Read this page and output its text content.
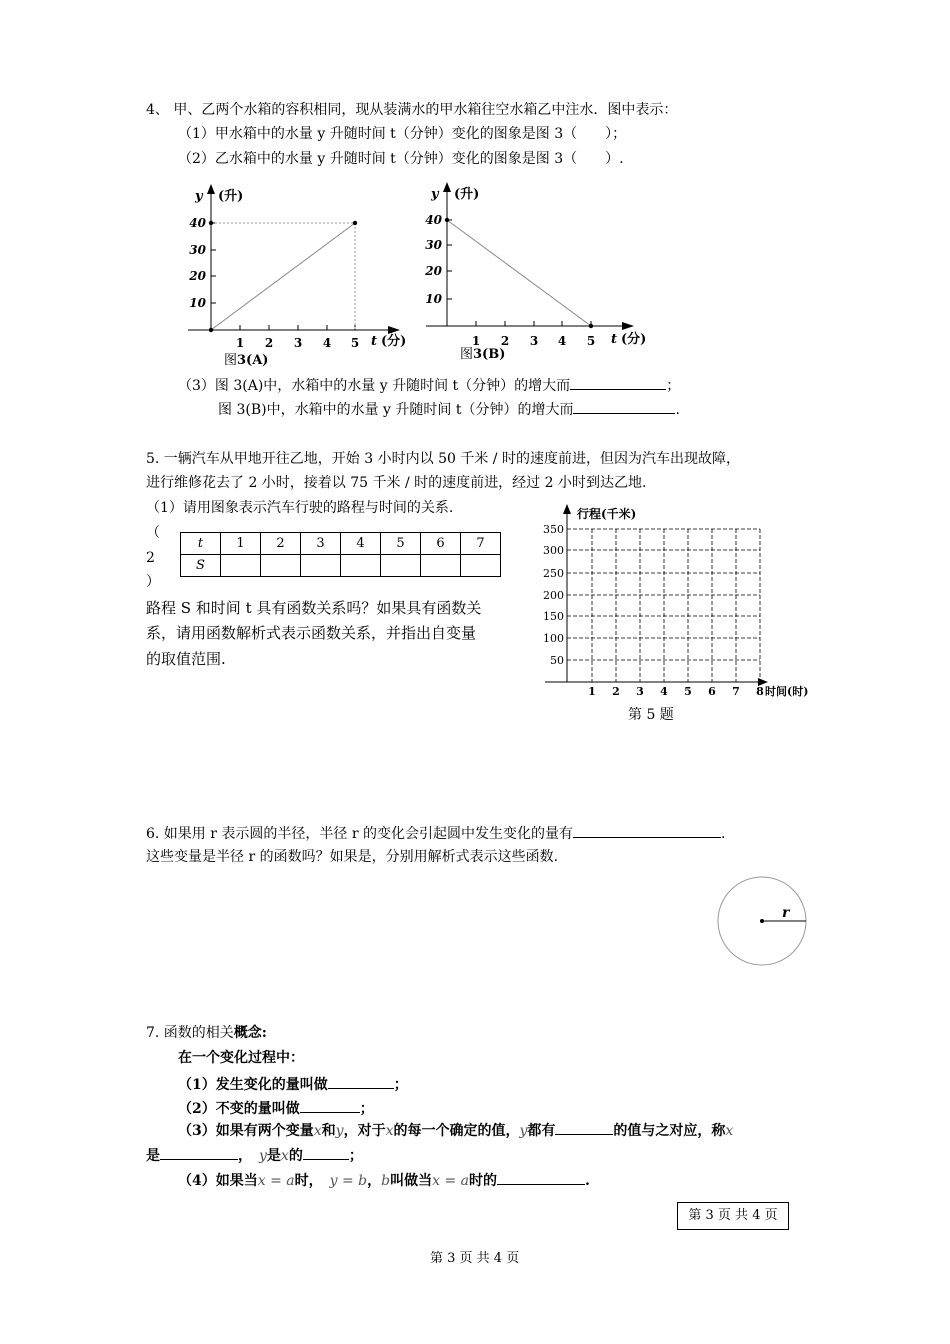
4、 甲、乙两个水箱的容积相同，现从装满水的甲水箱往空水箱乙中注水．图中表示：
（1）甲水箱中的水量 y 升随时间 t（分钟）变化的图象是图 3（　　）；
（2）乙水箱中的水量 y 升随时间 t（分钟）变化的图象是图 3（　　）.
40
30
20
10
1 2 3 4 5
y (升)
t (分)
图3(A)
40
30
20
10
1 2 3 4 5
y (升)
t (分)
图3(B)
（3）图 3(A)中，水箱中的水量 y 升随时间 t（分钟）的增大而	；
图 3(B)中，水箱中的水量 y 升随时间 t（分钟）的增大而	.
5. 一辆汽车从甲地开往乙地，开始 3 小时内以 50 千米 / 时的速度前进，但因为汽车出现故障，
进行维修花去了 2 小时，接着以 75 千米 / 时的速度前进，经过 2 小时到达乙地.
（1）请用图象表示汽车行驶的路程与时间的关系.
（
2
）
t	1	2	3	4	5	6	7
S							
路程 S 和时间 t 具有函数关系吗？如果具有函数关
系，请用函数解析式表示函数关系，并指出自变量
的取值范围.
350
300
250
200
150
100
50
1 2 3 4 5 6 7 8
行程(千米)
时间(时)
第 5 题
6. 如果用 r 表示圆的半径，半径 r 的变化会引起圆中发生变化的量有	.
这些变量是半径 r 的函数吗？如果是，分别用解析式表示这些函数.
r
7. 函数的相关概念:
在一个变化过程中：
（1）发生变化的量叫做	；
（2）不变的量叫做	；
（3）如果有两个变量x和y，对于x的每一个确定的值，y都有	的值与之对应，称x
是	，　 y是x的	；
（4）如果当x = a时，　 y = b，b叫做当x = a时的	.
第 3 页 共 4 页
第 3 页 共 4 页
